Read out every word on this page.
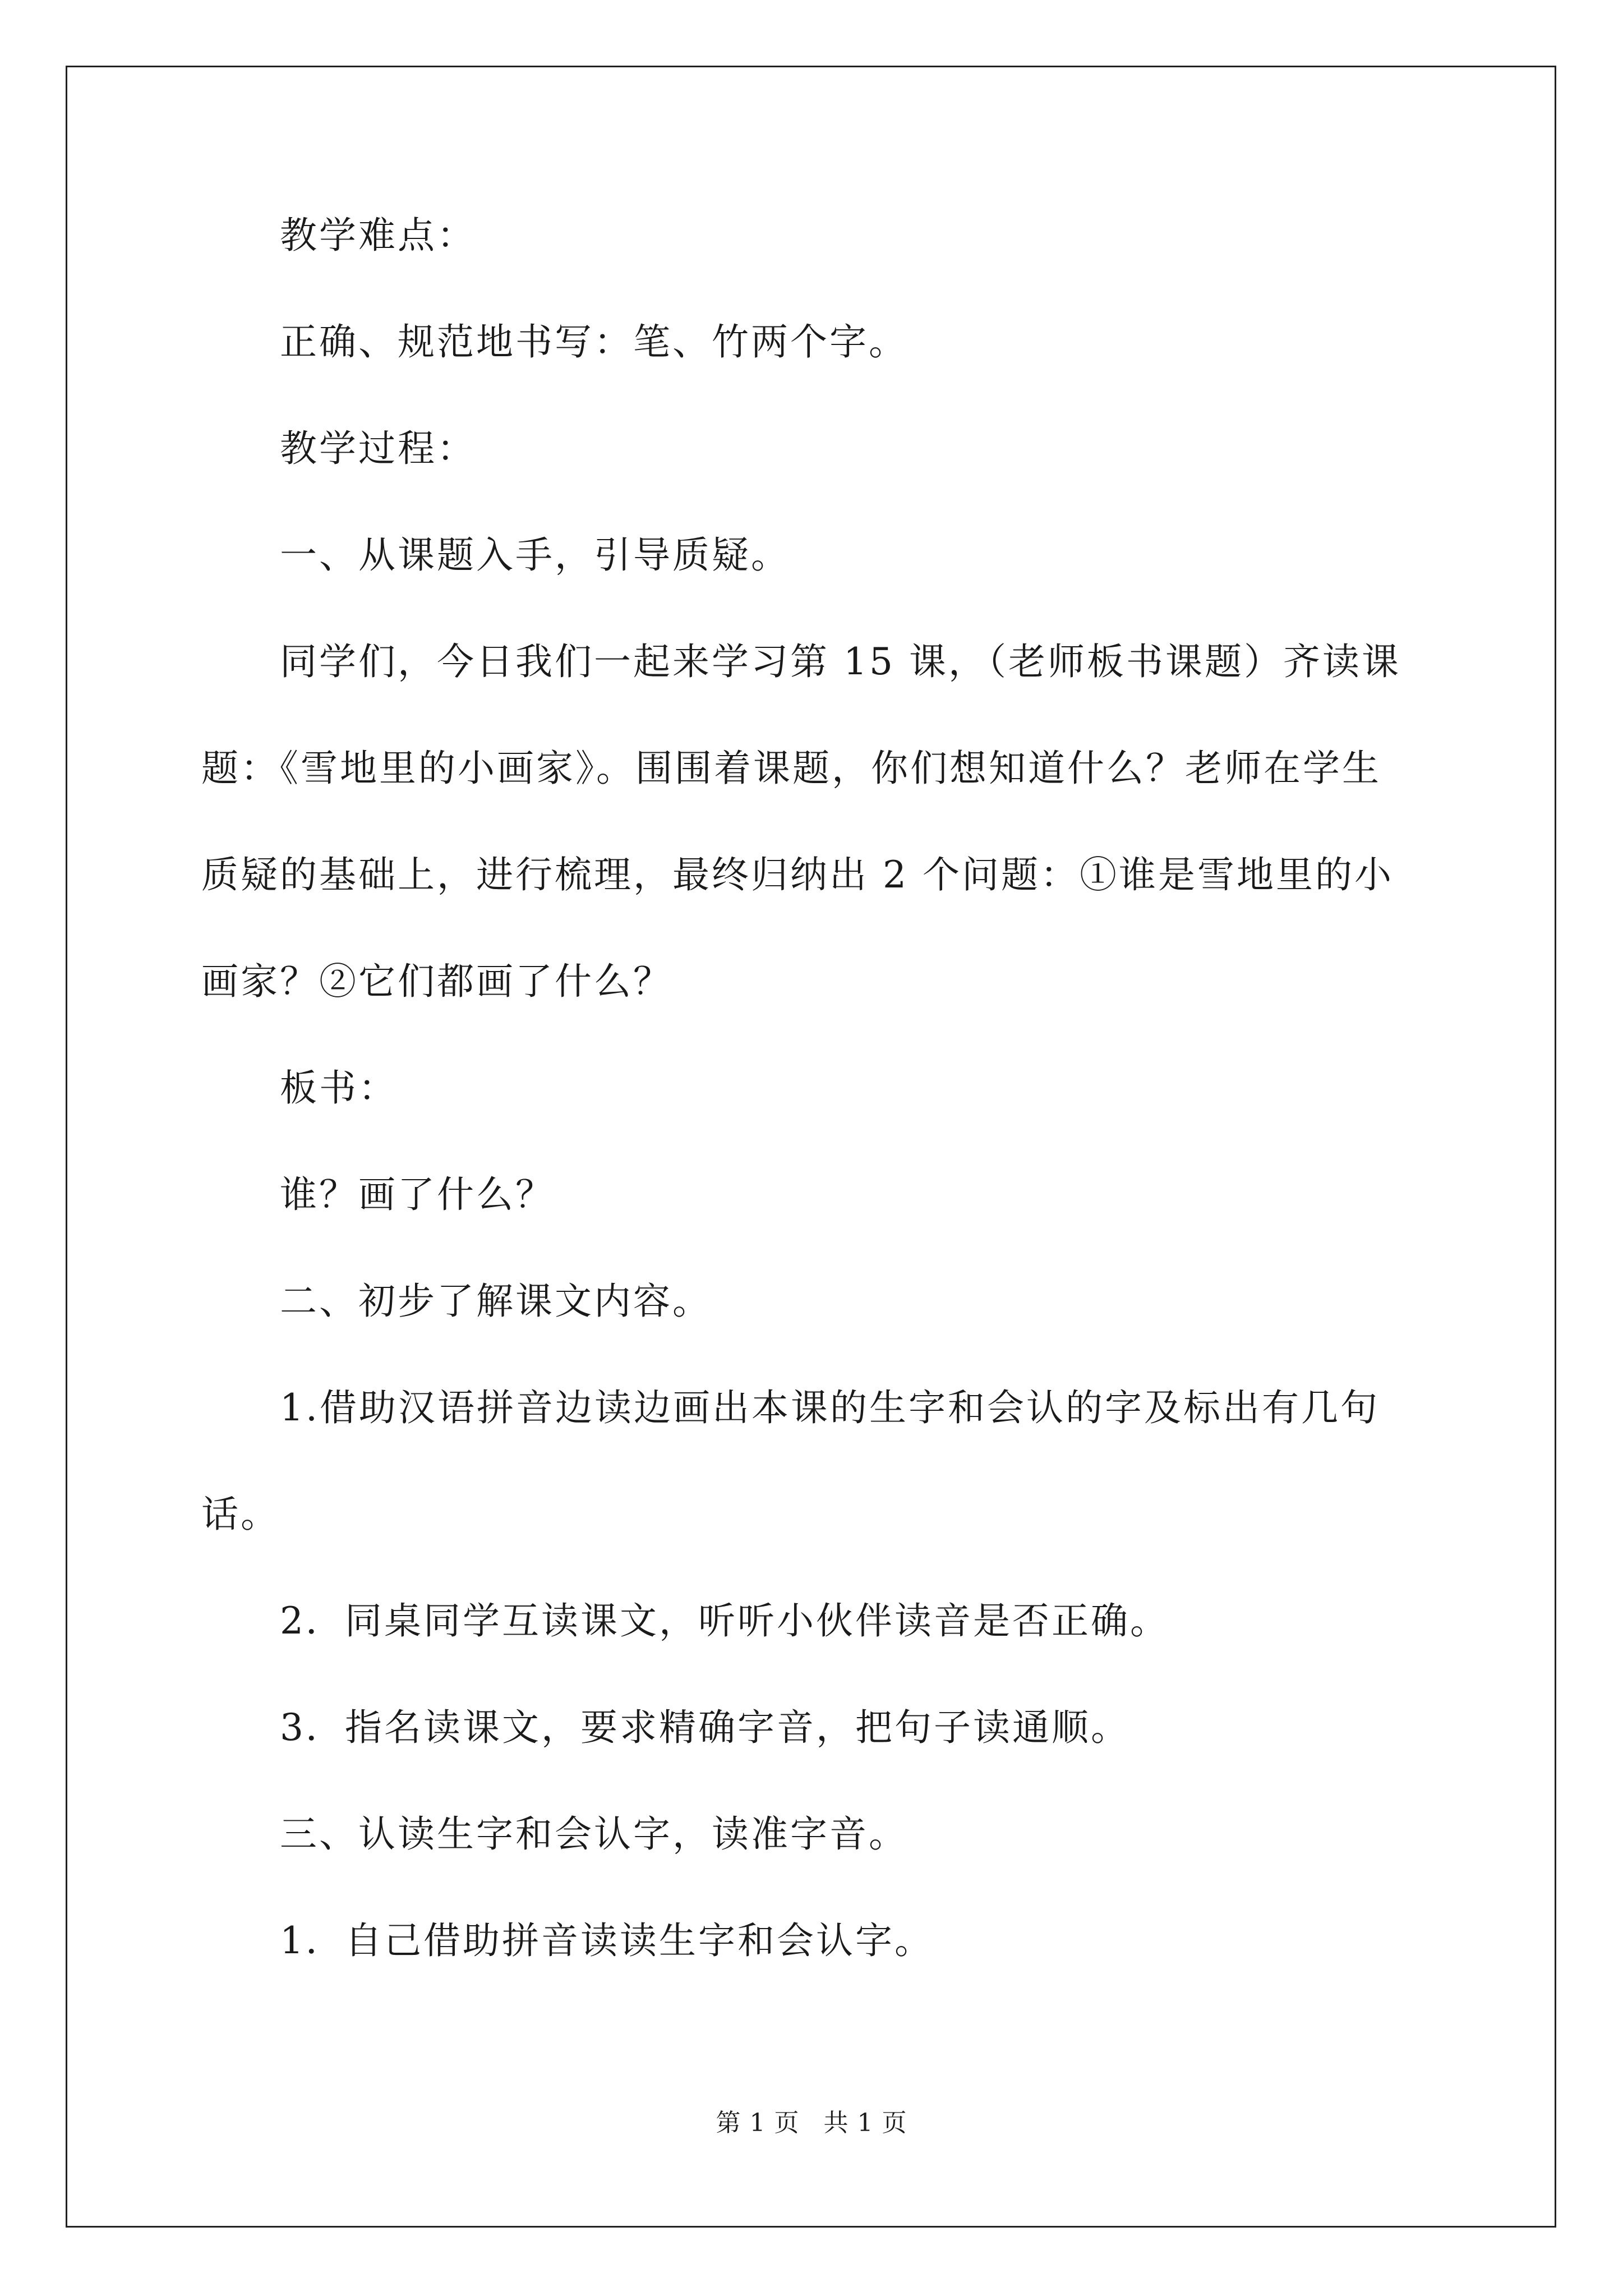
教学难点：
正确、规范地书写：笔、竹两个字。
教学过程：
一、从课题入手，引导质疑。
同学们，今日我们一起来学习第 15 课，（老师板书课题）齐读课
题：《雪地里的小画家》。围围着课题，你们想知道什么？老师在学生
质疑的基础上，进行梳理，最终归纳出 2 个问题：①谁是雪地里的小
画家？②它们都画了什么？
板书：
谁？画了什么？
二、初步了解课文内容。
1.借助汉语拼音边读边画出本课的生字和会认的字及标出有几句
话。
2．同桌同学互读课文，听听小伙伴读音是否正确。
3．指名读课文，要求精确字音，把句子读通顺。
三、认读生字和会认字，读准字音。
1．自己借助拼音读读生字和会认字。
第 1 页 共 1 页
